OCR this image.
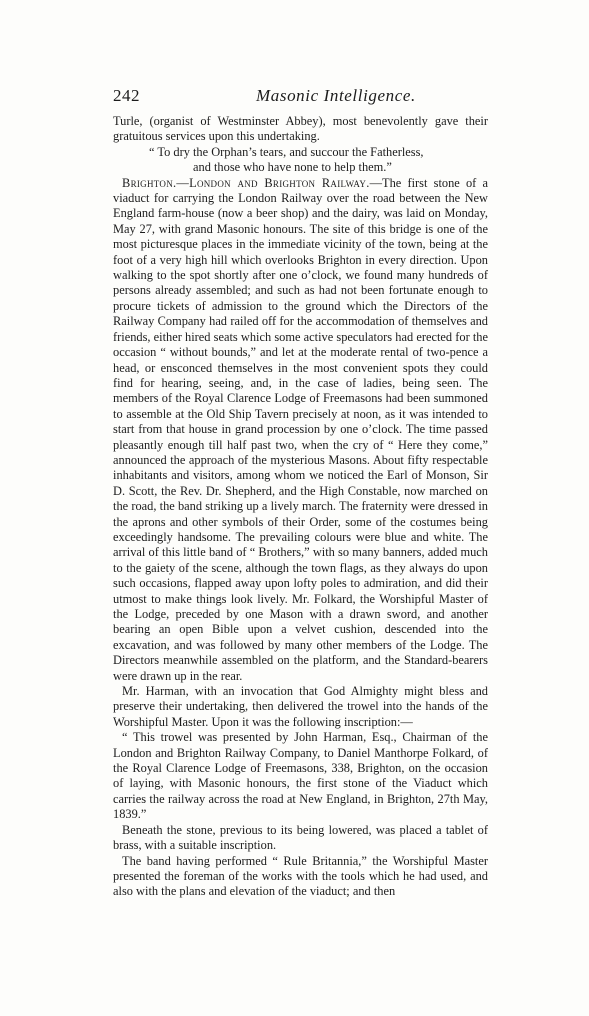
242	Masonic Intelligence.

Turle, (organist of Westminster Abbey), most benevolently gave their gratuitous services upon this undertaking.

“ To dry the Orphan’s tears, and succour the Fatherless,
and those who have none to help them.”

Brighton.—London and Brighton Railway.—The first stone of a viaduct for carrying the London Railway over the road between the New England farm-house (now a beer shop) and the dairy, was laid on Monday, May 27, with grand Masonic honours. The site of this bridge is one of the most picturesque places in the immediate vicinity of the town, being at the foot of a very high hill which overlooks Brighton in every direction. Upon walking to the spot shortly after one o’clock, we found many hundreds of persons already assembled; and such as had not been fortunate enough to procure tickets of admission to the ground which the Directors of the Railway Company had railed off for the accommodation of themselves and friends, either hired seats which some active speculators had erected for the occasion “ without bounds,” and let at the moderate rental of two-pence a head, or ensconced themselves in the most convenient spots they could find for hearing, seeing, and, in the case of ladies, being seen. The members of the Royal Clarence Lodge of Freemasons had been summoned to assemble at the Old Ship Tavern precisely at noon, as it was intended to start from that house in grand procession by one o’clock. The time passed pleasantly enough till half past two, when the cry of “ Here they come,” announced the approach of the mysterious Masons. About fifty respectable inhabitants and visitors, among whom we noticed the Earl of Monson, Sir D. Scott, the Rev. Dr. Shepherd, and the High Constable, now marched on the road, the band striking up a lively march. The fraternity were dressed in the aprons and other symbols of their Order, some of the costumes being exceedingly handsome. The prevailing colours were blue and white. The arrival of this little band of “ Brothers,” with so many banners, added much to the gaiety of the scene, although the town flags, as they always do upon such occasions, flapped away upon lofty poles to admiration, and did their utmost to make things look lively. Mr. Folkard, the Worshipful Master of the Lodge, preceded by one Mason with a drawn sword, and another bearing an open Bible upon a velvet cushion, descended into the excavation, and was followed by many other members of the Lodge. The Directors meanwhile assembled on the platform, and the Standard-bearers were drawn up in the rear.

Mr. Harman, with an invocation that God Almighty might bless and preserve their undertaking, then delivered the trowel into the hands of the Worshipful Master. Upon it was the following inscription:—

“ This trowel was presented by John Harman, Esq., Chairman of the London and Brighton Railway Company, to Daniel Manthorpe Folkard, of the Royal Clarence Lodge of Freemasons, 338, Brighton, on the occasion of laying, with Masonic honours, the first stone of the Viaduct which carries the railway across the road at New England, in Brighton, 27th May, 1839.”

Beneath the stone, previous to its being lowered, was placed a tablet of brass, with a suitable inscription.

The band having performed “ Rule Britannia,” the Worshipful Master presented the foreman of the works with the tools which he had used, and also with the plans and elevation of the viaduct; and then
